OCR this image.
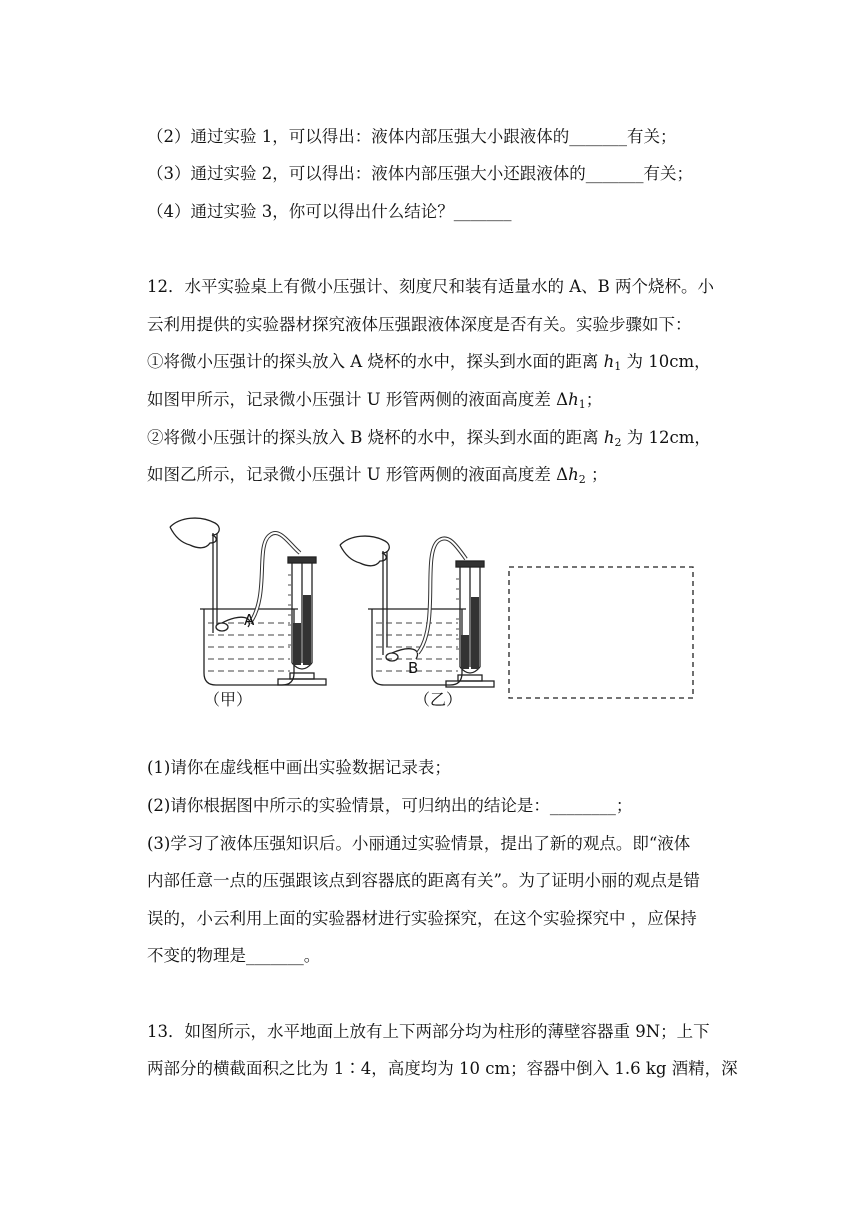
（2）通过实验 1，可以得出：液体内部压强大小跟液体的_______有关；
（3）通过实验 2，可以得出：液体内部压强大小还跟液体的_______有关；
（4）通过实验 3，你可以得出什么结论？_______
12．水平实验桌上有微小压强计、刻度尺和装有适量水的 A、B 两个烧杯。小
云利用提供的实验器材探究液体压强跟液体深度是否有关。实验步骤如下：
①将微小压强计的探头放入 A 烧杯的水中，探头到水面的距离 $h_1$ 为 10cm，
如图甲所示，记录微小压强计 U 形管两侧的液面高度差 $\Delta h_1$；
②将微小压强计的探头放入 B 烧杯的水中，探头到水面的距离 $h_2$ 为 12cm，
如图乙所示，记录微小压强计 U 形管两侧的液面高度差 $\Delta h_2$ ；
A
B
（甲）	（乙）
(1)请你在虚线框中画出实验数据记录表；
(2)请你根据图中所示的实验情景，可归纳出的结论是：________；
(3)学习了液体压强知识后。小丽通过实验情景，提出了新的观点。即“液体
内部任意一点的压强跟该点到容器底的距离有关”。为了证明小丽的观点是错
误的，小云利用上面的实验器材进行实验探究，在这个实验探究中 ，应保持
不变的物理是_______。
13．如图所示，水平地面上放有上下两部分均为柱形的薄壁容器重 9N；上下
两部分的横截面积之比为 1∶4，高度均为 10 cm；容器中倒入 1.6 kg 酒精，深
